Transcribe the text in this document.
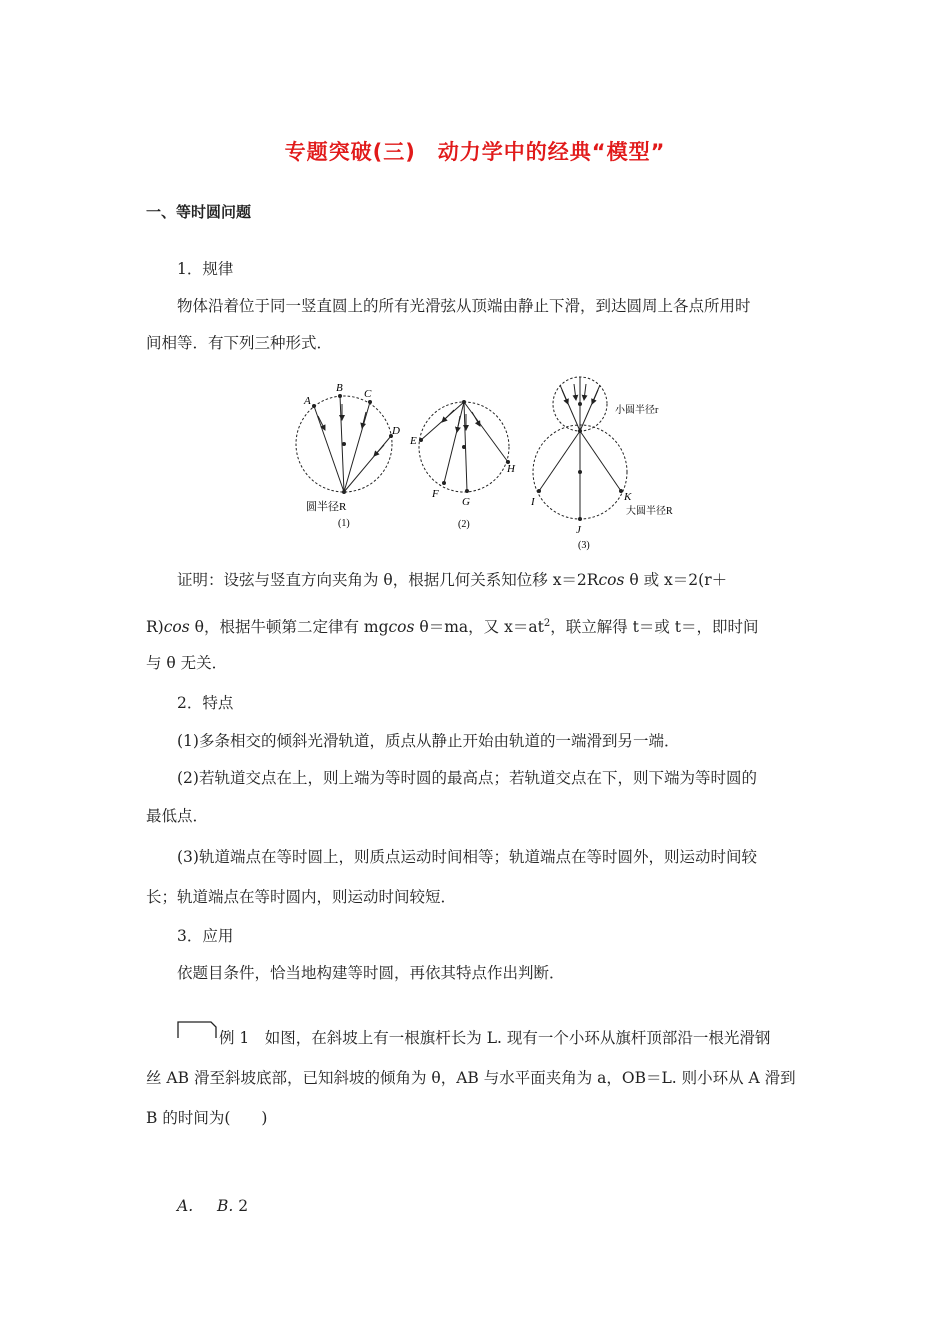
专题突破(三)　动力学中的经典“模型”
一、等时圆问题
1．规律
物体沿着位于同一竖直圆上的所有光滑弦从顶端由静止下滑，到达圆周上各点所用时
间相等．有下列三种形式．
A
B C
D
圆半径R
(1)
E
F
G
H
(2)
小圆半径r
I
J
K
大圆半径R
(3)
证明：设弦与竖直方向夹角为 θ，根据几何关系知位移 x＝2Rcos θ 或 x＝2(r＋
R)cos θ，根据牛顿第二定律有 mgcos θ＝ma，又 $x=at^2$，联立解得 t＝或 t＝，即时间
与 θ 无关．
2．特点
(1)多条相交的倾斜光滑轨道，质点从静止开始由轨道的一端滑到另一端．
(2)若轨道交点在上，则上端为等时圆的最高点；若轨道交点在下，则下端为等时圆的
最低点．
(3)轨道端点在等时圆上，则质点运动时间相等；轨道端点在等时圆外，则运动时间较
长；轨道端点在等时圆内，则运动时间较短．
3．应用
依题目条件，恰当地构建等时圆，再依其特点作出判断．
例 1　如图，在斜坡上有一根旗杆长为 L. 现有一个小环从旗杆顶部沿一根光滑钢
丝 AB 滑至斜坡底部，已知斜坡的倾角为 θ，AB 与水平面夹角为 a，OB＝L. 则小环从 A 滑到
B 的时间为(　　)
A. B. 2
